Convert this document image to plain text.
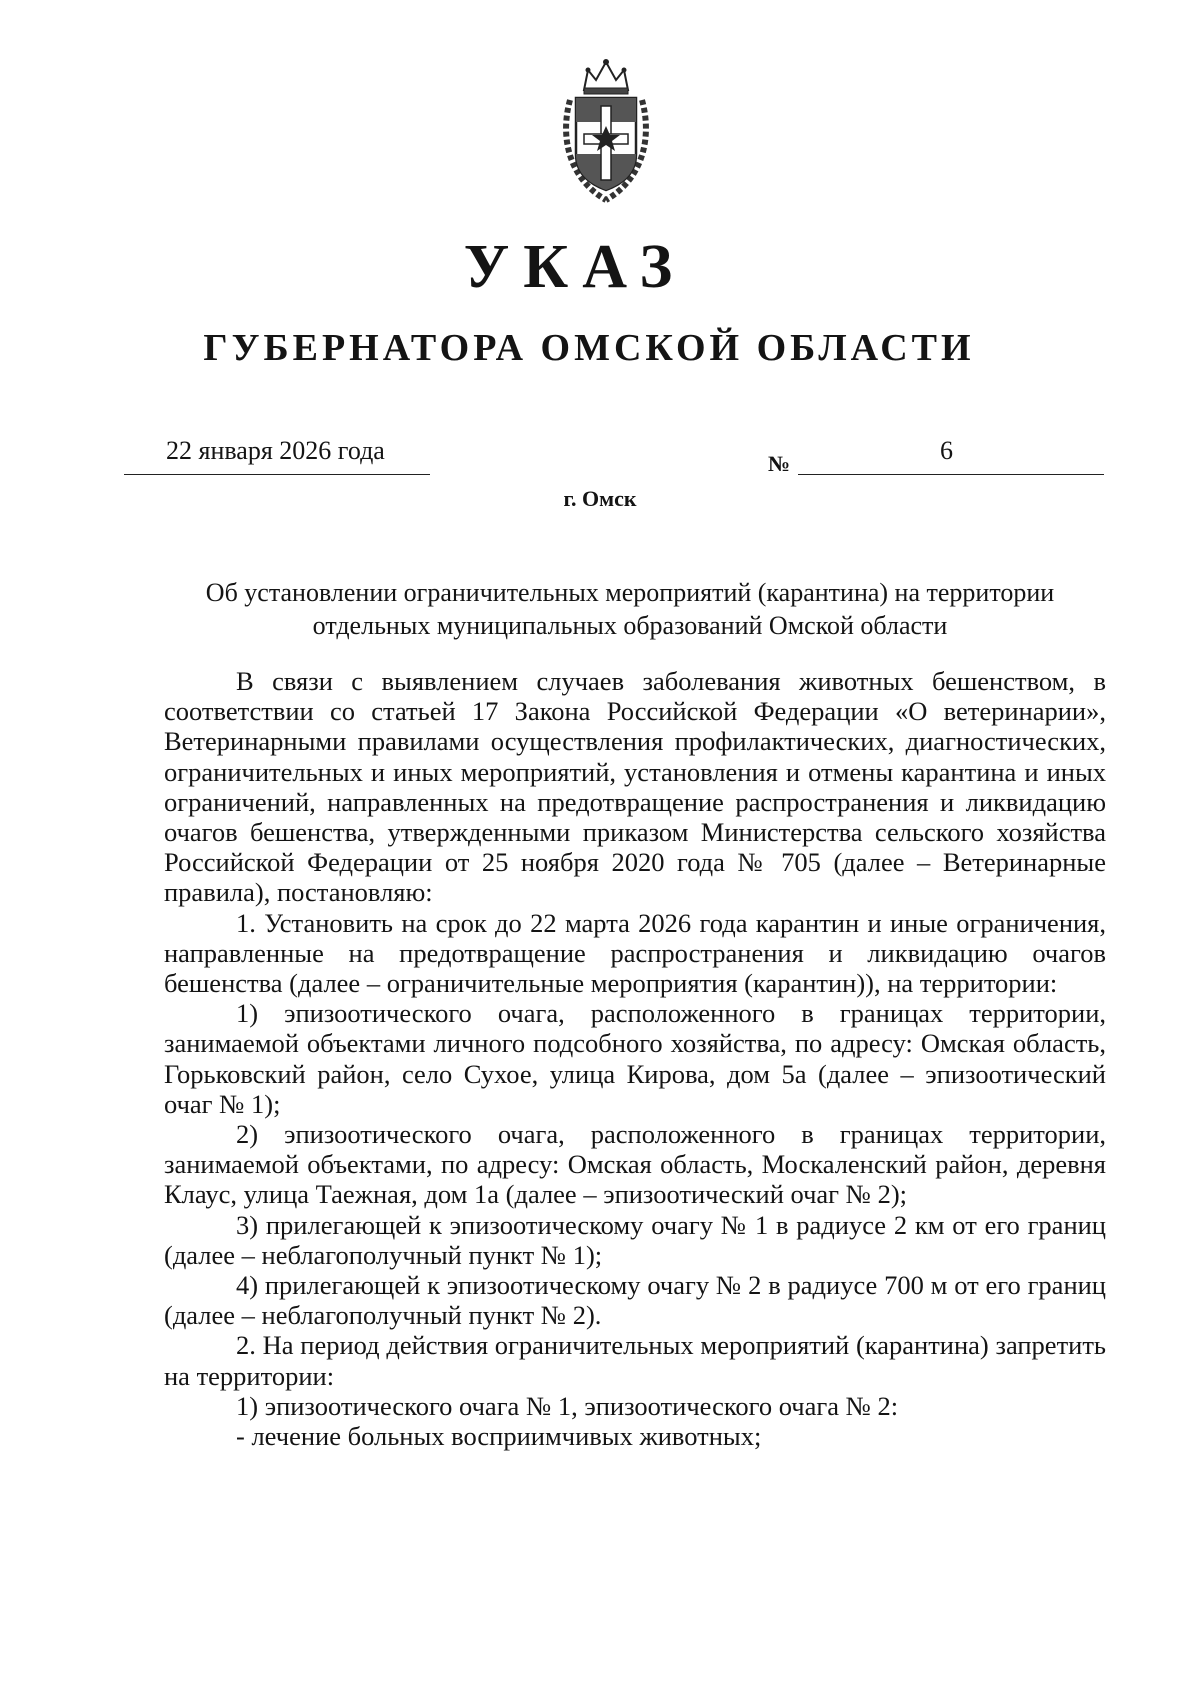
УКАЗ
ГУБЕРНАТОРА ОМСКОЙ ОБЛАСТИ
22 января 2026 года	№	6
г. Омск
Об установлении ограничительных мероприятий (карантина) на территории
отдельных муниципальных образований Омской области

В связи с выявлением случаев заболевания животных бешенством, в соответствии со статьей 17 Закона Российской Федерации «О ветеринарии», Ветеринарными правилами осуществления профилактических, диагностических, ограничительных и иных мероприятий, установления и отмены карантина и иных ограничений, направленных на предотвращение распространения и ликвидацию очагов бешенства, утвержденными приказом Министерства сельского хозяйства Российской Федерации от 25 ноября 2020 года № 705 (далее – Ветеринарные правила), постановляю:

1. Установить на срок до 22 марта 2026 года карантин и иные ограничения, направленные на предотвращение распространения и ликвидацию очагов бешенства (далее – ограничительные мероприятия (карантин)), на территории:

1) эпизоотического очага, расположенного в границах территории, занимаемой объектами личного подсобного хозяйства, по адресу: Омская область, Горьковский район, село Сухое, улица Кирова, дом 5а (далее – эпизоотический очаг № 1);

2) эпизоотического очага, расположенного в границах территории, занимаемой объектами, по адресу: Омская область, Москаленский район, деревня Клаус, улица Таежная, дом 1а (далее – эпизоотический очаг № 2);

3) прилегающей к эпизоотическому очагу № 1 в радиусе 2 км от его границ (далее – неблагополучный пункт № 1);

4) прилегающей к эпизоотическому очагу № 2 в радиусе 700 м от его границ (далее – неблагополучный пункт № 2).

2. На период действия ограничительных мероприятий (карантина) запретить на территории:

1) эпизоотического очага № 1, эпизоотического очага № 2:

- лечение больных восприимчивых животных;
